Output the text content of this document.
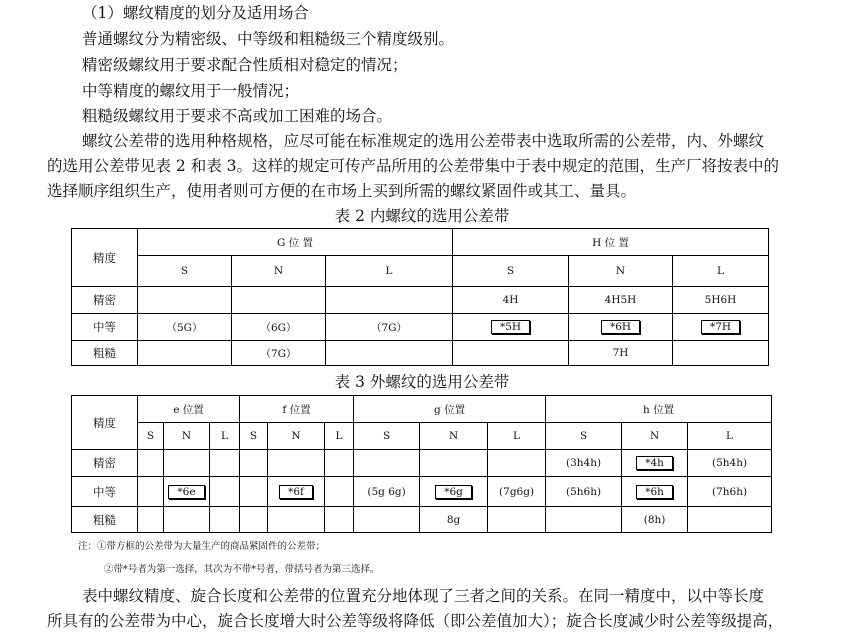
（1）螺纹精度的划分及适用场合
普通螺纹分为精密级、中等级和粗糙级三个精度级别。
精密级螺纹用于要求配合性质相对稳定的情况；
中等精度的螺纹用于一般情况；
粗糙级螺纹用于要求不高或加工困难的场合。
螺纹公差带的选用种格规格，应尽可能在标准规定的选用公差带表中选取所需的公差带，内、外螺纹
的选用公差带见表 2 和表 3。这样的规定可传产品所用的公差带集中于表中规定的范围，生产厂将按表中的
选择顺序组织生产，使用者则可方便的在市场上买到所需的螺纹紧固件或其工、量具。
表 2 内螺纹的选用公差带
精度	G 位 置			H 位 置		
	S	N	L	S	N	L
精密				4H	4H5H	5H6H
中等	（5G）	（6G）	（7G）	*5H	*6H	*7H
粗糙		（7G）			7H	
表 3 外螺纹的选用公差带
精度	e 位置			f 位置			g 位置			h 位置		
	S	N	L	S	N	L	S	N	L	S	N	L
精密										(3h4h)	*4h	(5h4h)
中等		*6e			*6f		(5g 6g)	*6g	(7g6g)	(5h6h)	*6h	(7h6h)
粗糙								8g			(8h)	
注：①带方框的公差带为大量生产的商品紧固件的公差带；
②带*号者为第一选择，其次为不带*号者，带括号者为第三选择。
表中螺纹精度、旋合长度和公差带的位置充分地体现了三者之间的关系。在同一精度中，以中等长度
所具有的公差带为中心，旋合长度增大时公差等级将降低（即公差值加大）；旋合长度减少时公差等级提高，
